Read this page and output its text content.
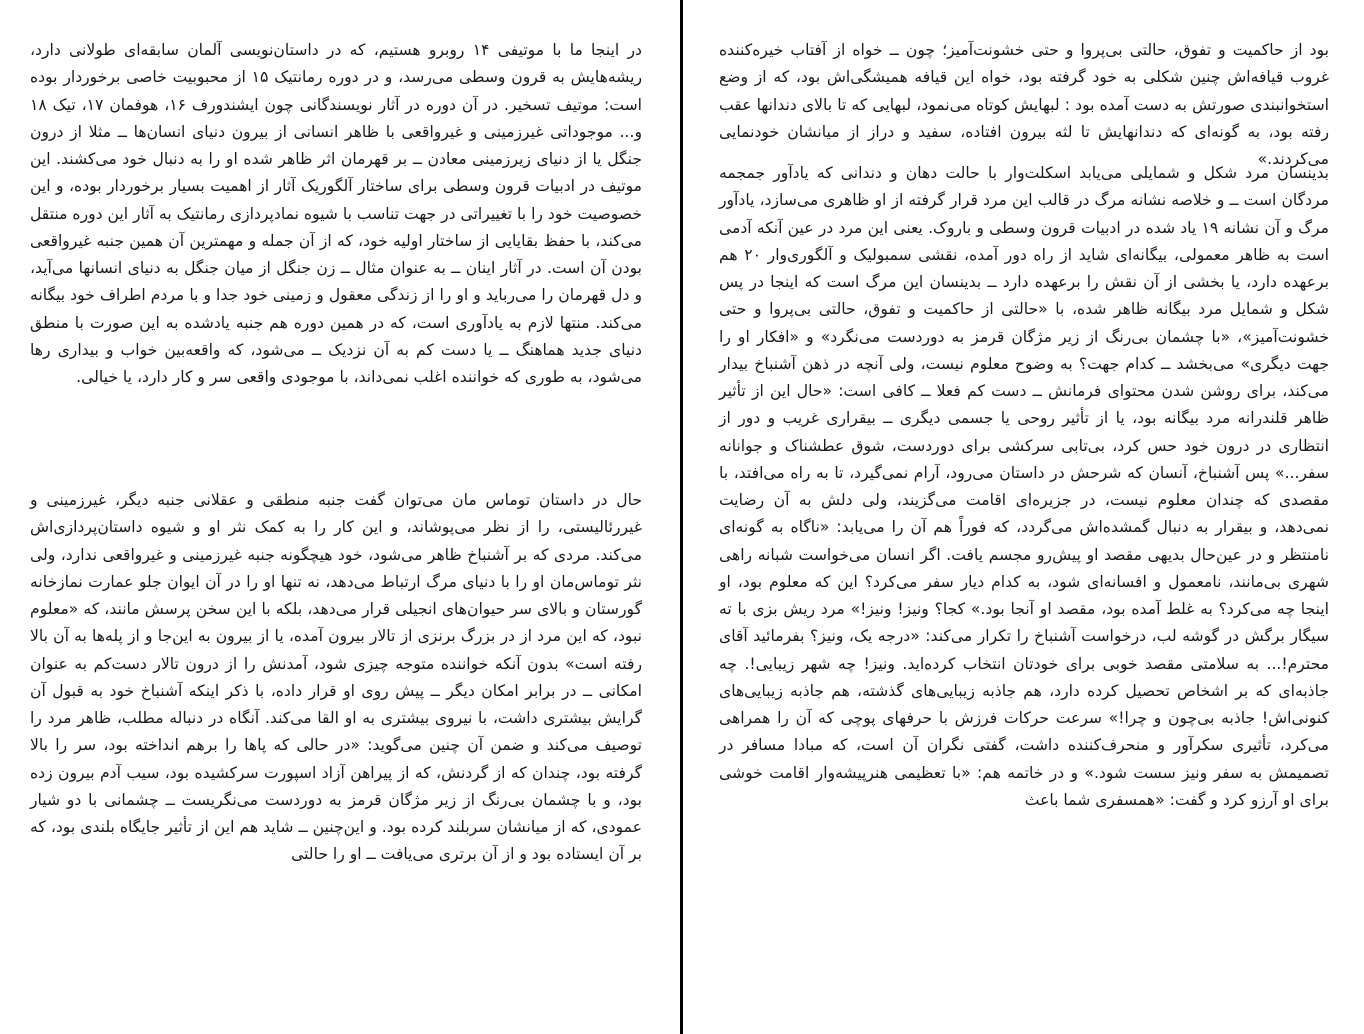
در اینجا ما با موتیفی ۱۴ روبرو هستیم، که در داستان‌نویسی آلمان سابقه‌ای طولانی دارد، ریشه‌هایش به قرون وسطی می‌رسد، و در دوره رمانتیک ۱۵ از محبوبیت خاصی برخوردار بوده است: موتیف تسخیر. در آن دوره در آثار نویسندگانی چون ایشندورف ۱۶، هوفمان ۱۷، تیک ۱۸ و... موجوداتی غیرزمینی و غیرواقعی با ظاهر انسانی از بیرون دنیای انسان‌ها ــ مثلا از درون جنگل یا از دنیای زیرزمینی معادن ــ بر قهرمان اثر ظاهر شده او را به دنبال خود می‌کشند. این موتیف در ادبیات قرون وسطی برای ساختار آلگوریک آثار از اهمیت بسیار برخوردار بوده، و این خصوصیت خود را با تغییراتی در جهت تناسب با شیوه نمادپردازی رمانتیک به آثار این دوره منتقل می‌کند، با حفظ بقایایی از ساختار اولیه خود، که از آن جمله و مهمترین آن همین جنبه غیرواقعی بودن آن است. در آثار اینان ــ به عنوان مثال ــ زن جنگل از میان جنگل به دنیای انسانها می‌آید، و دل قهرمان را می‌رباید و او را از زندگی معقول و زمینی خود جدا و با مردم اطراف خود بیگانه می‌کند. منتها لازم به یادآوری است، که در همین دوره هم جنبه یادشده به این صورت با منطق دنیای جدید هماهنگ ــ یا دست کم به آن نزدیک ــ می‌شود، که واقعه‌بین خواب و بیداری رها می‌شود، به طوری که خواننده اغلب نمی‌داند، با موجودی واقعی سر و کار دارد، یا خیالی.

حال در داستان توماس مان می‌توان گفت جنبه منطقی و عقلانی جنبه دیگر، غیرزمینی و غیررئالیستی، را از نظر می‌پوشاند، و این کار را به کمک نثر او و شیوه داستان‌پردازی‌اش می‌کند. مردی که بر آشنباخ ظاهر می‌شود، خود هیچگونه جنبه غیرزمینی و غیرواقعی ندارد، ولی نثر توماس‌مان او را با دنیای مرگ ارتباط می‌دهد، نه تنها او را در آن ایوان جلو عمارت نمازخانه گورستان و بالای سر حیوان‌های انجیلی قرار می‌دهد، بلکه با این سخن پرسش مانند، که «معلوم نبود، که این مرد از در بزرگ برنزی از تالار بیرون آمده، یا از بیرون به این‌جا و از پله‌ها به آن بالا رفته است» بدون آنکه خواننده متوجه چیزی شود، آمدنش را از درون تالار دست‌کم به عنوان امکانی ــ در برابر امکان دیگر ــ پیش روی او قرار داده، با ذکر اینکه آشنباخ خود به قبول آن گرایش بیشتری داشت، با نیروی بیشتری به او القا می‌کند. آنگاه در دنباله مطلب، ظاهر مرد را توصیف می‌کند و ضمن آن چنین می‌گوید: «در حالی که پاها را برهم انداخته بود، سر را بالا گرفته بود، چندان که از گردنش، که از پیراهن آزاد اسپورت سرکشیده بود، سیب آدم بیرون زده بود، و با چشمان بی‌رنگ از زیر مژگان قرمز به دوردست می‌نگریست ــ چشمانی با دو شیار عمودی، که از میانشان سربلند کرده بود. و این‌چنین ــ شاید هم این از تأثیر جایگاه بلندی بود، که بر آن ایستاده بود و از آن برتری می‌یافت ــ او را حالتی

بود از حاکمیت و تفوق، حالتی بی‌پروا و حتی خشونت‌آمیز؛ چون ــ خواه از آفتاب خیره‌کننده غروب قیافه‌اش چنین شکلی به خود گرفته بود، خواه این قیافه همیشگی‌اش بود، که از وضع استخوانبندی صورتش به دست آمده بود : لبهایش کوتاه می‌نمود، لبهایی که تا بالای دندانها عقب رفته بود، به گونه‌ای که دندانهایش تا لثه بیرون افتاده، سفید و دراز از میانشان خودنمایی می‌کردند.»

بدینسان مرد شکل و شمایلی می‌یابد اسکلت‌وار با حالت دهان و دندانی که یادآور جمجمه مردگان است ــ و خلاصه نشانه مرگ در قالب این مرد قرار گرفته از او ظاهری می‌سازد، یادآور مرگ و آن نشانه ۱۹ یاد شده در ادبیات قرون وسطی و باروک. یعنی این مرد در عین آنکه آدمی است به ظاهر معمولی، بیگانه‌ای شاید از راه دور آمده، نقشی سمبولیک و آلگوری‌وار ۲۰ هم برعهده دارد، یا بخشی از آن نقش را برعهده دارد ــ بدینسان این مرگ است که اینجا در پس شکل و شمایل مرد بیگانه ظاهر شده، با «حالتی از حاکمیت و تفوق، حالتی بی‌پروا و حتی خشونت‌آمیز»، «با چشمان بی‌رنگ از زیر مژگان قرمز به دوردست می‌نگرد» و «افکار او را جهت دیگری» می‌بخشد ــ کدام جهت؟ به وضوح معلوم نیست، ولی آنچه در ذهن آشنباخ بیدار می‌کند، برای روشن شدن محتوای فرمانش ــ دست کم فعلا ــ کافی است: «حال این از تأثیر ظاهر قلندرانه مرد بیگانه بود، یا از تأثیر روحی یا جسمی دیگری ــ بیقراری غریب و دور از انتظاری در درون خود حس کرد، بی‌تابی سرکشی برای دوردست، شوق عطشناک و جوانانه سفر...» پس آشنباخ، آنسان که شرحش در داستان می‌رود، آرام نمی‌گیرد، تا به راه می‌افتد، با مقصدی که چندان معلوم نیست، در جزیره‌ای اقامت می‌گزیند، ولی دلش به آن رضایت نمی‌دهد، و بیقرار به دنبال گمشده‌اش می‌گردد، که فوراً هم آن را می‌یابد: «ناگاه به گونه‌ای نامنتظر و در عین‌حال بدیهی مقصد او پیش‌رو مجسم یافت. اگر انسان می‌خواست شبانه راهی شهری بی‌مانند، نامعمول و افسانه‌ای شود، به کدام دیار سفر می‌کرد؟ این که معلوم بود، او اینجا چه می‌کرد؟ به غلط آمده بود، مقصد او آنجا بود.» کجا؟ ونیز! ونیز!» مرد ریش بزی با ته سیگار برگش در گوشه لب، درخواست آشنباخ را تکرار می‌کند: «درجه یک، ونیز؟ بفرمائید آقای محترم!... به سلامتی مقصد خوبی برای خودتان انتخاب کرده‌اید. ونیز! چه شهر زیبایی!. چه جاذبه‌ای که بر اشخاص تحصیل کرده دارد، هم جاذبه زیبایی‌های گذشته، هم جاذبه زیبایی‌های کنونی‌اش! جاذبه بی‌چون و چرا!» سرعت حرکات فرزش با حرفهای پوچی که آن را همراهی می‌کرد، تأثیری سکرآور و منحرف‌کننده داشت، گفتی نگران آن است، که مبادا مسافر در تصمیمش به سفر ونیز سست شود.» و در خاتمه هم: «با تعظیمی هنرپیشه‌وار اقامت خوشی برای او آرزو کرد و گفت: «همسفری شما باعث
